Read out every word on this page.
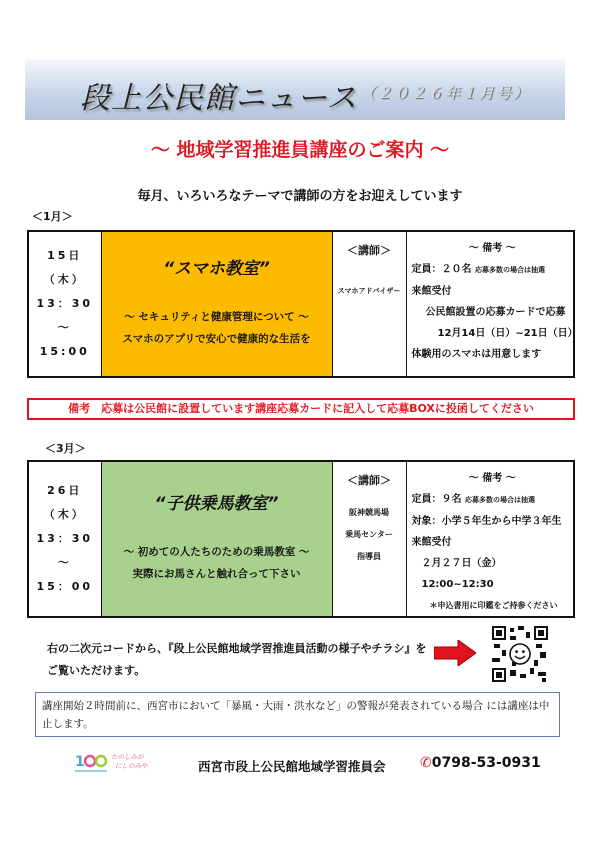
段上公民館ニュース （２０２６年１月号）
～ 地域学習推進員講座のご案内 ～
毎月、いろいろなテーマで講師の方をお迎えしています
＜1月＞
15日（木）
13：30
～
15:00

“スマホ教室”
～ セキュリティと健康管理について ～
スマホのアプリで安心で健康的な生活を

＜講師＞
スマホアドバイザー

～ 備考 ～
定員：２０名 応募多数の場合は抽選
来館受付
公民館設置の応募カードで応募
12月14日（日）~21日（日）
体験用のスマホは用意します
備考　応募は公民館に設置しています講座応募カードに記入して応募BOXに投函してください
＜3月＞
26日（木）
13：30
～
15：00

“子供乗馬教室”
～ 初めての人たちのための乗馬教室 ～
実際にお馬さんと触れ合って下さい

＜講師＞
阪神競馬場
乗馬センター
指導員

～ 備考 ～
定員：９名 応募多数の場合は抽選
対象：小学５年生から中学３年生
来館受付
２月２７日（金）12:00~12:30
＊申込書用に印鑑をご持参ください
右の二次元コードから、『段上公民館地域学習推進員活動の様子やチラシ』をご覧いただけます。
講座開始２時間前に、西宮市において「暴風・大雨・洪水など」の警報が発表されている場合 には講座は中止します。
1	たのしみが
にしのみや	西宮市段上公民館地域学習推員会 ✆0798-53-0931
